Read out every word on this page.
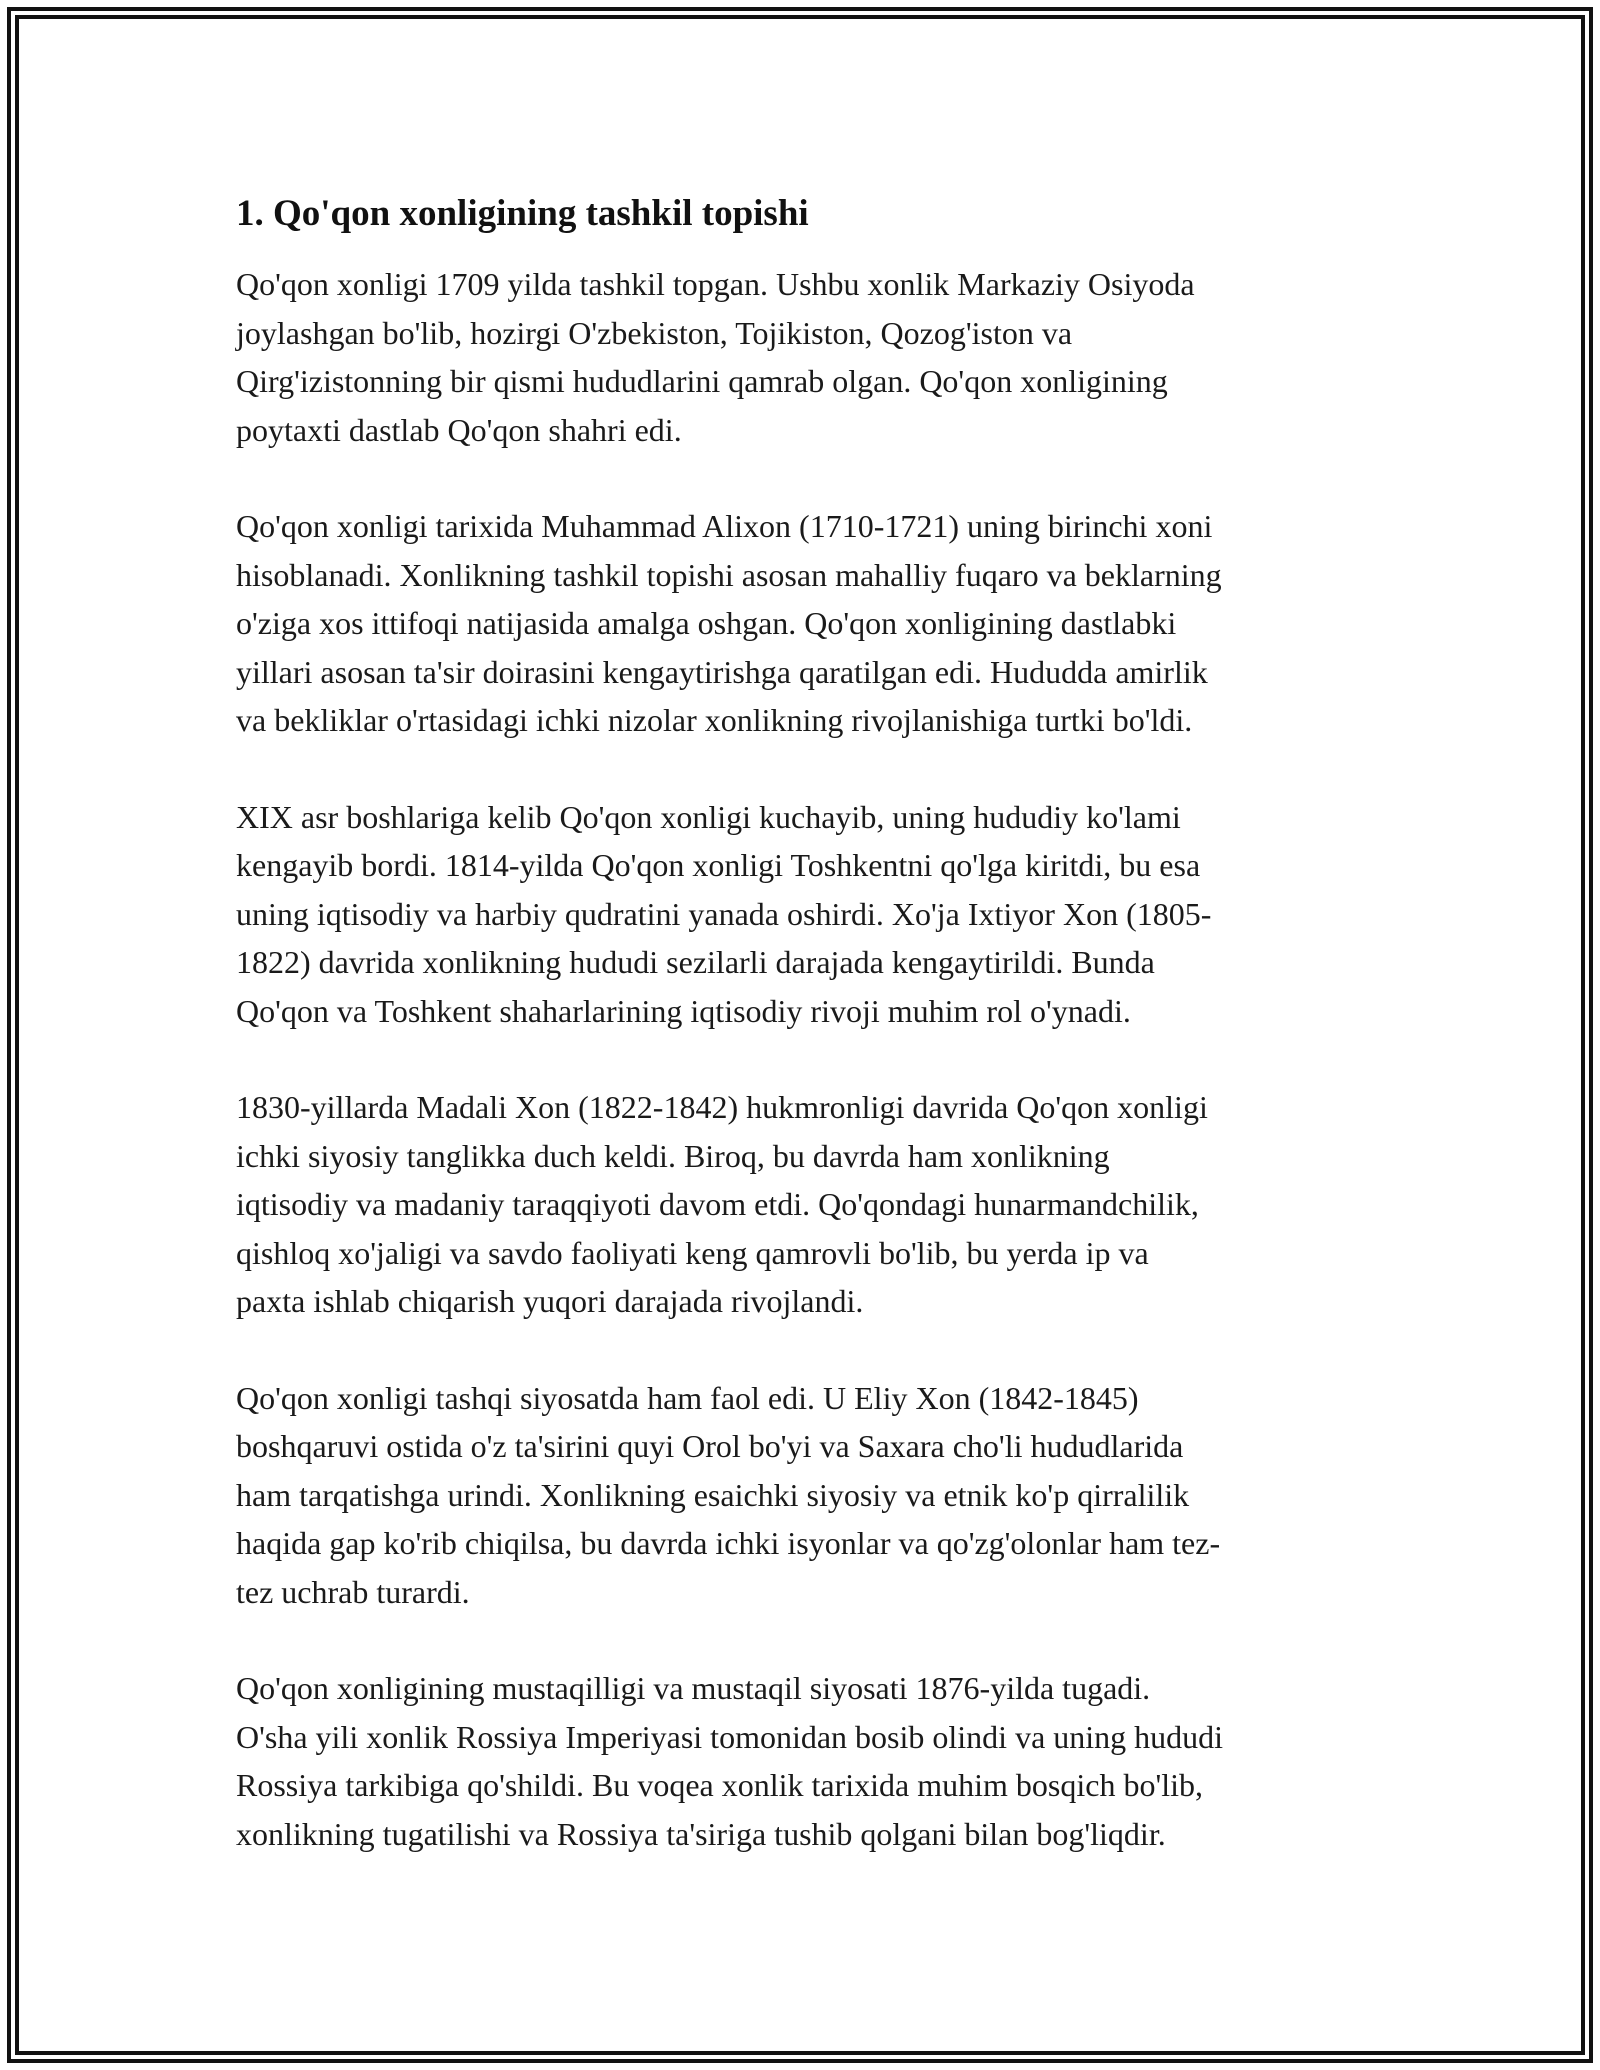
1. Qo'qon xonligining tashkil topishi

Qo'qon xonligi 1709 yilda tashkil topgan. Ushbu xonlik Markaziy Osiyoda
joylashgan bo'lib, hozirgi O'zbekiston, Tojikiston, Qozog'iston va
Qirg'izistonning bir qismi hududlarini qamrab olgan. Qo'qon xonligining
poytaxti dastlab Qo'qon shahri edi.

Qo'qon xonligi tarixida Muhammad Alixon (1710-1721) uning birinchi xoni
hisoblanadi. Xonlikning tashkil topishi asosan mahalliy fuqaro va beklarning
o'ziga xos ittifoqi natijasida amalga oshgan. Qo'qon xonligining dastlabki
yillari asosan ta'sir doirasini kengaytirishga qaratilgan edi. Hududda amirlik
va bekliklar o'rtasidagi ichki nizolar xonlikning rivojlanishiga turtki bo'ldi.

XIX asr boshlariga kelib Qo'qon xonligi kuchayib, uning hududiy ko'lami
kengayib bordi. 1814-yilda Qo'qon xonligi Toshkentni qo'lga kiritdi, bu esa
uning iqtisodiy va harbiy qudratini yanada oshirdi. Xo'ja Ixtiyor Xon (1805-
1822) davrida xonlikning hududi sezilarli darajada kengaytirildi. Bunda
Qo'qon va Toshkent shaharlarining iqtisodiy rivoji muhim rol o'ynadi.

1830-yillarda Madali Xon (1822-1842) hukmronligi davrida Qo'qon xonligi
ichki siyosiy tanglikka duch keldi. Biroq, bu davrda ham xonlikning
iqtisodiy va madaniy taraqqiyoti davom etdi. Qo'qondagi hunarmandchilik,
qishloq xo'jaligi va savdo faoliyati keng qamrovli bo'lib, bu yerda ip va
paxta ishlab chiqarish yuqori darajada rivojlandi.

Qo'qon xonligi tashqi siyosatda ham faol edi. U Eliy Xon (1842-1845)
boshqaruvi ostida o'z ta'sirini quyi Orol bo'yi va Saxara cho'li hududlarida
ham tarqatishga urindi. Xonlikning esaichki siyosiy va etnik ko'p qirralilik
haqida gap ko'rib chiqilsa, bu davrda ichki isyonlar va qo'zg'olonlar ham tez-
tez uchrab turardi.

Qo'qon xonligining mustaqilligi va mustaqil siyosati 1876-yilda tugadi.
O'sha yili xonlik Rossiya Imperiyasi tomonidan bosib olindi va uning hududi
Rossiya tarkibiga qo'shildi. Bu voqea xonlik tarixida muhim bosqich bo'lib,
xonlikning tugatilishi va Rossiya ta'siriga tushib qolgani bilan bog'liqdir.
